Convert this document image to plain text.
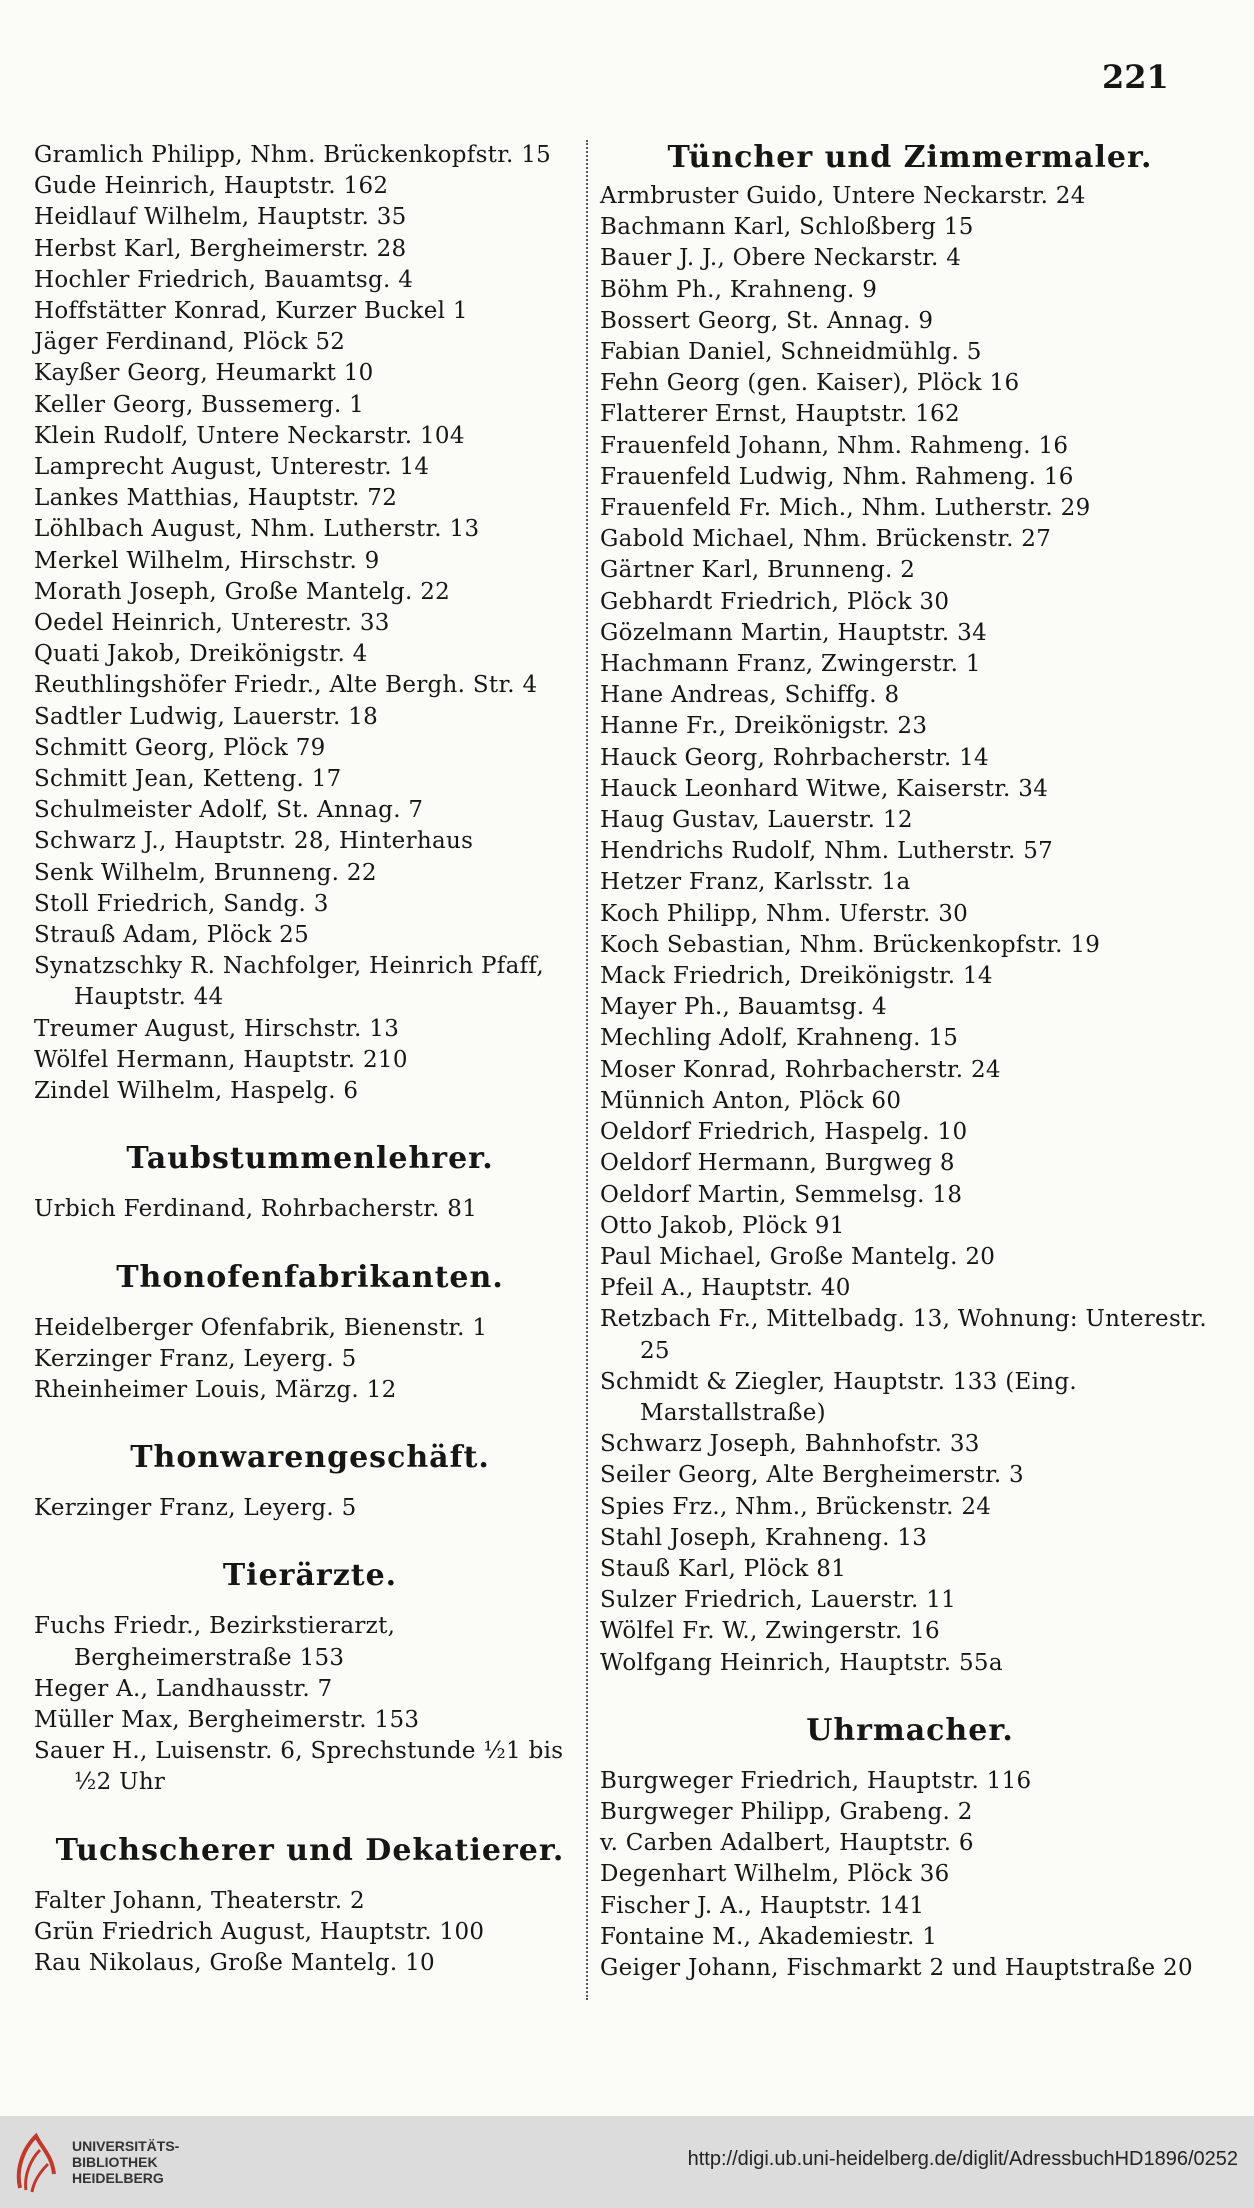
221
Gramlich Philipp, Nhm. Brückenkopfstr. 15
Gude Heinrich, Hauptstr. 162
Heidlauf Wilhelm, Hauptstr. 35
Herbst Karl, Bergheimerstr. 28
Hochler Friedrich, Bauamtsg. 4
Hoffstätter Konrad, Kurzer Buckel 1
Jäger Ferdinand, Plöck 52
Kayßer Georg, Heumarkt 10
Keller Georg, Bussemerg. 1
Klein Rudolf, Untere Neckarstr. 104
Lamprecht August, Unterestr. 14
Lankes Matthias, Hauptstr. 72
Löhlbach August, Nhm. Lutherstr. 13
Merkel Wilhelm, Hirschstr. 9
Morath Joseph, Große Mantelg. 22
Oedel Heinrich, Unterestr. 33
Quati Jakob, Dreikönigstr. 4
Reuthlingshöfer Friedr., Alte Bergh. Str. 4
Sadtler Ludwig, Lauerstr. 18
Schmitt Georg, Plöck 79
Schmitt Jean, Ketteng. 17
Schulmeister Adolf, St. Annag. 7
Schwarz J., Hauptstr. 28, Hinterhaus
Senk Wilhelm, Brunneng. 22
Stoll Friedrich, Sandg. 3
Strauß Adam, Plöck 25
Synatzschky R. Nachfolger, Heinrich Pfaff, Hauptstr. 44
Treumer August, Hirschstr. 13
Wölfel Hermann, Hauptstr. 210
Zindel Wilhelm, Haspelg. 6
Taubstummenlehrer.
Urbich Ferdinand, Rohrbacherstr. 81
Thonofenfabrikanten.
Heidelberger Ofenfabrik, Bienenstr. 1
Kerzinger Franz, Leyerg. 5
Rheinheimer Louis, Märzg. 12
Thonwarengeschäft.
Kerzinger Franz, Leyerg. 5
Tierärzte.
Fuchs Friedr., Bezirkstierarzt, Bergheimerstraße 153
Heger A., Landhausstr. 7
Müller Max, Bergheimerstr. 153
Sauer H., Luisenstr. 6, Sprechstunde ½1 bis ½2 Uhr
Tuchscherer und Dekatierer.
Falter Johann, Theaterstr. 2
Grün Friedrich August, Hauptstr. 100
Rau Nikolaus, Große Mantelg. 10
Tüncher und Zimmermaler.
Armbruster Guido, Untere Neckarstr. 24
Bachmann Karl, Schloßberg 15
Bauer J. J., Obere Neckarstr. 4
Böhm Ph., Krahneng. 9
Bossert Georg, St. Annag. 9
Fabian Daniel, Schneidmühlg. 5
Fehn Georg (gen. Kaiser), Plöck 16
Flatterer Ernst, Hauptstr. 162
Frauenfeld Johann, Nhm. Rahmeng. 16
Frauenfeld Ludwig, Nhm. Rahmeng. 16
Frauenfeld Fr. Mich., Nhm. Lutherstr. 29
Gabold Michael, Nhm. Brückenstr. 27
Gärtner Karl, Brunneng. 2
Gebhardt Friedrich, Plöck 30
Gözelmann Martin, Hauptstr. 34
Hachmann Franz, Zwingerstr. 1
Hane Andreas, Schiffg. 8
Hanne Fr., Dreikönigstr. 23
Hauck Georg, Rohrbacherstr. 14
Hauck Leonhard Witwe, Kaiserstr. 34
Haug Gustav, Lauerstr. 12
Hendrichs Rudolf, Nhm. Lutherstr. 57
Hetzer Franz, Karlsstr. 1a
Koch Philipp, Nhm. Uferstr. 30
Koch Sebastian, Nhm. Brückenkopfstr. 19
Mack Friedrich, Dreikönigstr. 14
Mayer Ph., Bauamtsg. 4
Mechling Adolf, Krahneng. 15
Moser Konrad, Rohrbacherstr. 24
Münnich Anton, Plöck 60
Oeldorf Friedrich, Haspelg. 10
Oeldorf Hermann, Burgweg 8
Oeldorf Martin, Semmelsg. 18
Otto Jakob, Plöck 91
Paul Michael, Große Mantelg. 20
Pfeil A., Hauptstr. 40
Retzbach Fr., Mittelbadg. 13, Wohnung: Unterestr. 25
Schmidt & Ziegler, Hauptstr. 133 (Eing. Marstallstraße)
Schwarz Joseph, Bahnhofstr. 33
Seiler Georg, Alte Bergheimerstr. 3
Spies Frz., Nhm., Brückenstr. 24
Stahl Joseph, Krahneng. 13
Stauß Karl, Plöck 81
Sulzer Friedrich, Lauerstr. 11
Wölfel Fr. W., Zwingerstr. 16
Wolfgang Heinrich, Hauptstr. 55a
Uhrmacher.
Burgweger Friedrich, Hauptstr. 116
Burgweger Philipp, Grabeng. 2
v. Carben Adalbert, Hauptstr. 6
Degenhart Wilhelm, Plöck 36
Fischer J. A., Hauptstr. 141
Fontaine M., Akademiestr. 1
Geiger Johann, Fischmarkt 2 und Hauptstraße 20
UNIVERSITÄTS-
BIBLIOTHEK
HEIDELBERG
http://digi.ub.uni-heidelberg.de/diglit/AdressbuchHD1896/0252
